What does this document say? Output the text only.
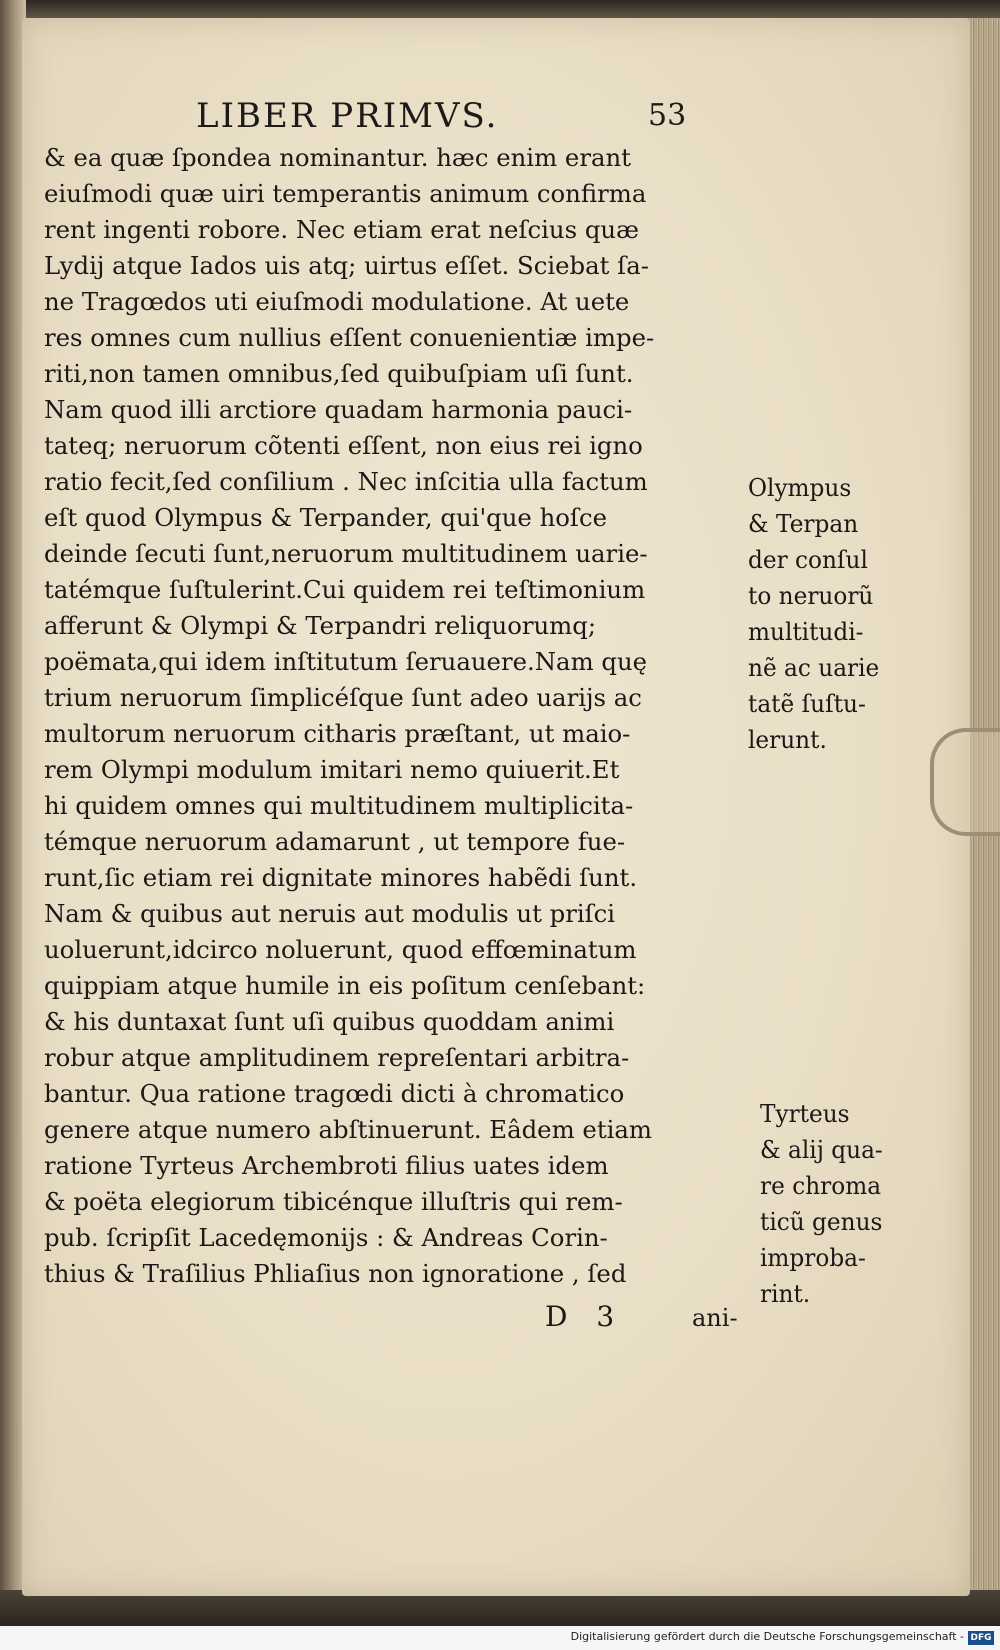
LIBER PRIMVS.	53
& ea quæ ſpondea nominantur. hæc enim erant
eiuſmodi quæ uiri temperantis animum confirma
rent ingenti robore. Nec etiam erat neſcius quæ
Lydij atque Iados uis atq; uirtus eſſet. Sciebat ſa-
ne Tragœdos uti eiuſmodi modulatione. At uete
res omnes cum nullius eſſent conuenientiæ impe-
riti,non tamen omnibus,ſed quibuſpiam uſi ſunt.
Nam quod illi arctiore quadam harmonia pauci-
tateq; neruorum cõtenti eſſent, non eius rei igno
ratio fecit,ſed conſilium . Nec inſcitia ulla factum
eſt quod Olympus & Terpander, qui'que hoſce
deinde ſecuti ſunt,neruorum multitudinem uarie-
tatémque ſuſtulerint.Cui quidem rei teſtimonium
afferunt & Olympi & Terpandri reliquorumq;
poëmata,qui idem inſtitutum ſeruauere.Nam quę
trium neruorum ſimplicéſque ſunt adeo uarijs ac
multorum neruorum citharis præſtant, ut maio-
rem Olympi modulum imitari nemo quiuerit.Et
hi quidem omnes qui multitudinem multiplicita-
témque neruorum adamarunt , ut tempore fue-
runt,ſic etiam rei dignitate minores habẽdi ſunt.
Nam & quibus aut neruis aut modulis ut priſci
uoluerunt,idcirco noluerunt, quod effœminatum
quippiam atque humile in eis poſitum cenſebant:
& his duntaxat ſunt uſi quibus quoddam animi
robur atque amplitudinem repreſentari arbitra-
bantur. Qua ratione tragœdi dicti à chromatico
genere atque numero abſtinuerunt. Eâdem etiam
ratione Tyrteus Archembroti filius uates idem
& poëta elegiorum tibicénque illuſtris qui rem-
pub. ſcripſit Lacedęmonijs : & Andreas Corin-
thius & Traſilius Phliaſius non ignoratione , ſed
Olympus
& Terpan
der conſul
to neruorũ
multitudi-
nẽ ac uarie
tatẽ ſuſtu-
lerunt.
Tyrteus
& alij qua-
re chroma
ticũ genus
improba-
rint.
D 3	ani-
Digitalisierung gefördert durch die Deutsche Forschungsgemeinschaft - DFG
